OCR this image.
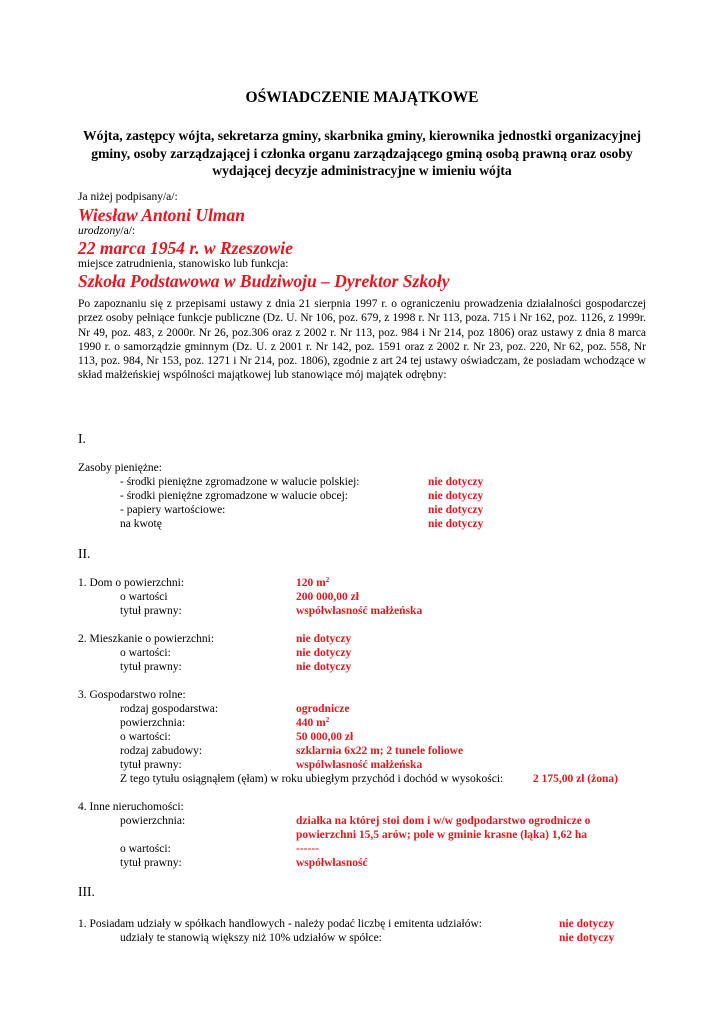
OŚWIADCZENIE MAJĄTKOWE
Wójta, zastępcy wójta, sekretarza gminy, skarbnika gminy, kierownika jednostki organizacyjnej gminy, osoby zarządzającej i członka organu zarządzającego gminą osobą prawną oraz osoby wydającej decyzje administracyjne w imieniu wójta
Ja niżej podpisany/a/:
Wiesław Antoni Ulman
urodzony/a/:
22 marca 1954 r. w Rzeszowie
miejsce zatrudnienia, stanowisko lub funkcja:
Szkoła Podstawowa w Budziwoju – Dyrektor Szkoły
Po zapoznaniu się z przepisami ustawy z dnia 21 sierpnia 1997 r. o ograniczeniu prowadzenia działalności gospodarczej przez osoby pełniące funkcje publiczne (Dz. U. Nr 106, poz. 679, z 1998 r. Nr 113, poza. 715 i Nr 162, poz. 1126, z 1999r. Nr 49, poz. 483, z 2000r. Nr 26, poz.306 oraz z 2002 r. Nr 113, poz. 984 i Nr 214, poz 1806) oraz ustawy z dnia 8 marca 1990 r. o samorządzie gminnym (Dz. U. z 2001 r. Nr 142, poz. 1591 oraz z 2002 r. Nr 23, poz. 220, Nr 62, poz. 558, Nr 113, poz. 984, Nr 153, poz. 1271 i Nr 214, poz. 1806), zgodnie z art 24 tej ustawy oświadczam, że posiadam wchodzące w skład małżeńskiej wspólności majątkowej lub stanowiące mój majątek odrębny:
I.
Zasoby pieniężne:
- środki pieniężne zgromadzone w walucie polskiej:	nie dotyczy
- środki pieniężne zgromadzone w walucie obcej:	nie dotyczy
- papiery wartościowe:	nie dotyczy
na kwotę	nie dotyczy
II.
1. Dom o powierzchni:	120 $m^2$
o wartości	200 000,00 zł
tytuł prawny:	współwłasność małżeńska
2. Mieszkanie o powierzchni:	nie dotyczy
o wartości:	nie dotyczy
tytuł prawny:	nie dotyczy
3. Gospodarstwo rolne:
rodzaj gospodarstwa:	ogrodnicze
powierzchnia:	440 $m^2$
o wartości:	50 000,00 zł
rodzaj zabudowy:	szklarnia 6x22 m; 2 tunele foliowe
tytuł prawny:	wspólwłasność małżeńska
Z tego tytułu osiągnąłem (ęłam) w roku ubiegłym przychód i dochód w wysokości:	2 175,00 zł (żona)
4. Inne nieruchomości:
powierzchnia:	działka na której stoi dom i w/w godpodarstwo ogrodnicze o
powierzchni 15,5 arów; pole w gminie krasne (łąka) 1,62 ha
o wartości:	------
tytuł prawny:	współwłasność
III.
1. Posiadam udziały w spółkach handlowych - należy podać liczbę i emitenta udziałów:	nie dotyczy
udziały te stanowią większy niż 10% udziałów w spółce:	nie dotyczy
